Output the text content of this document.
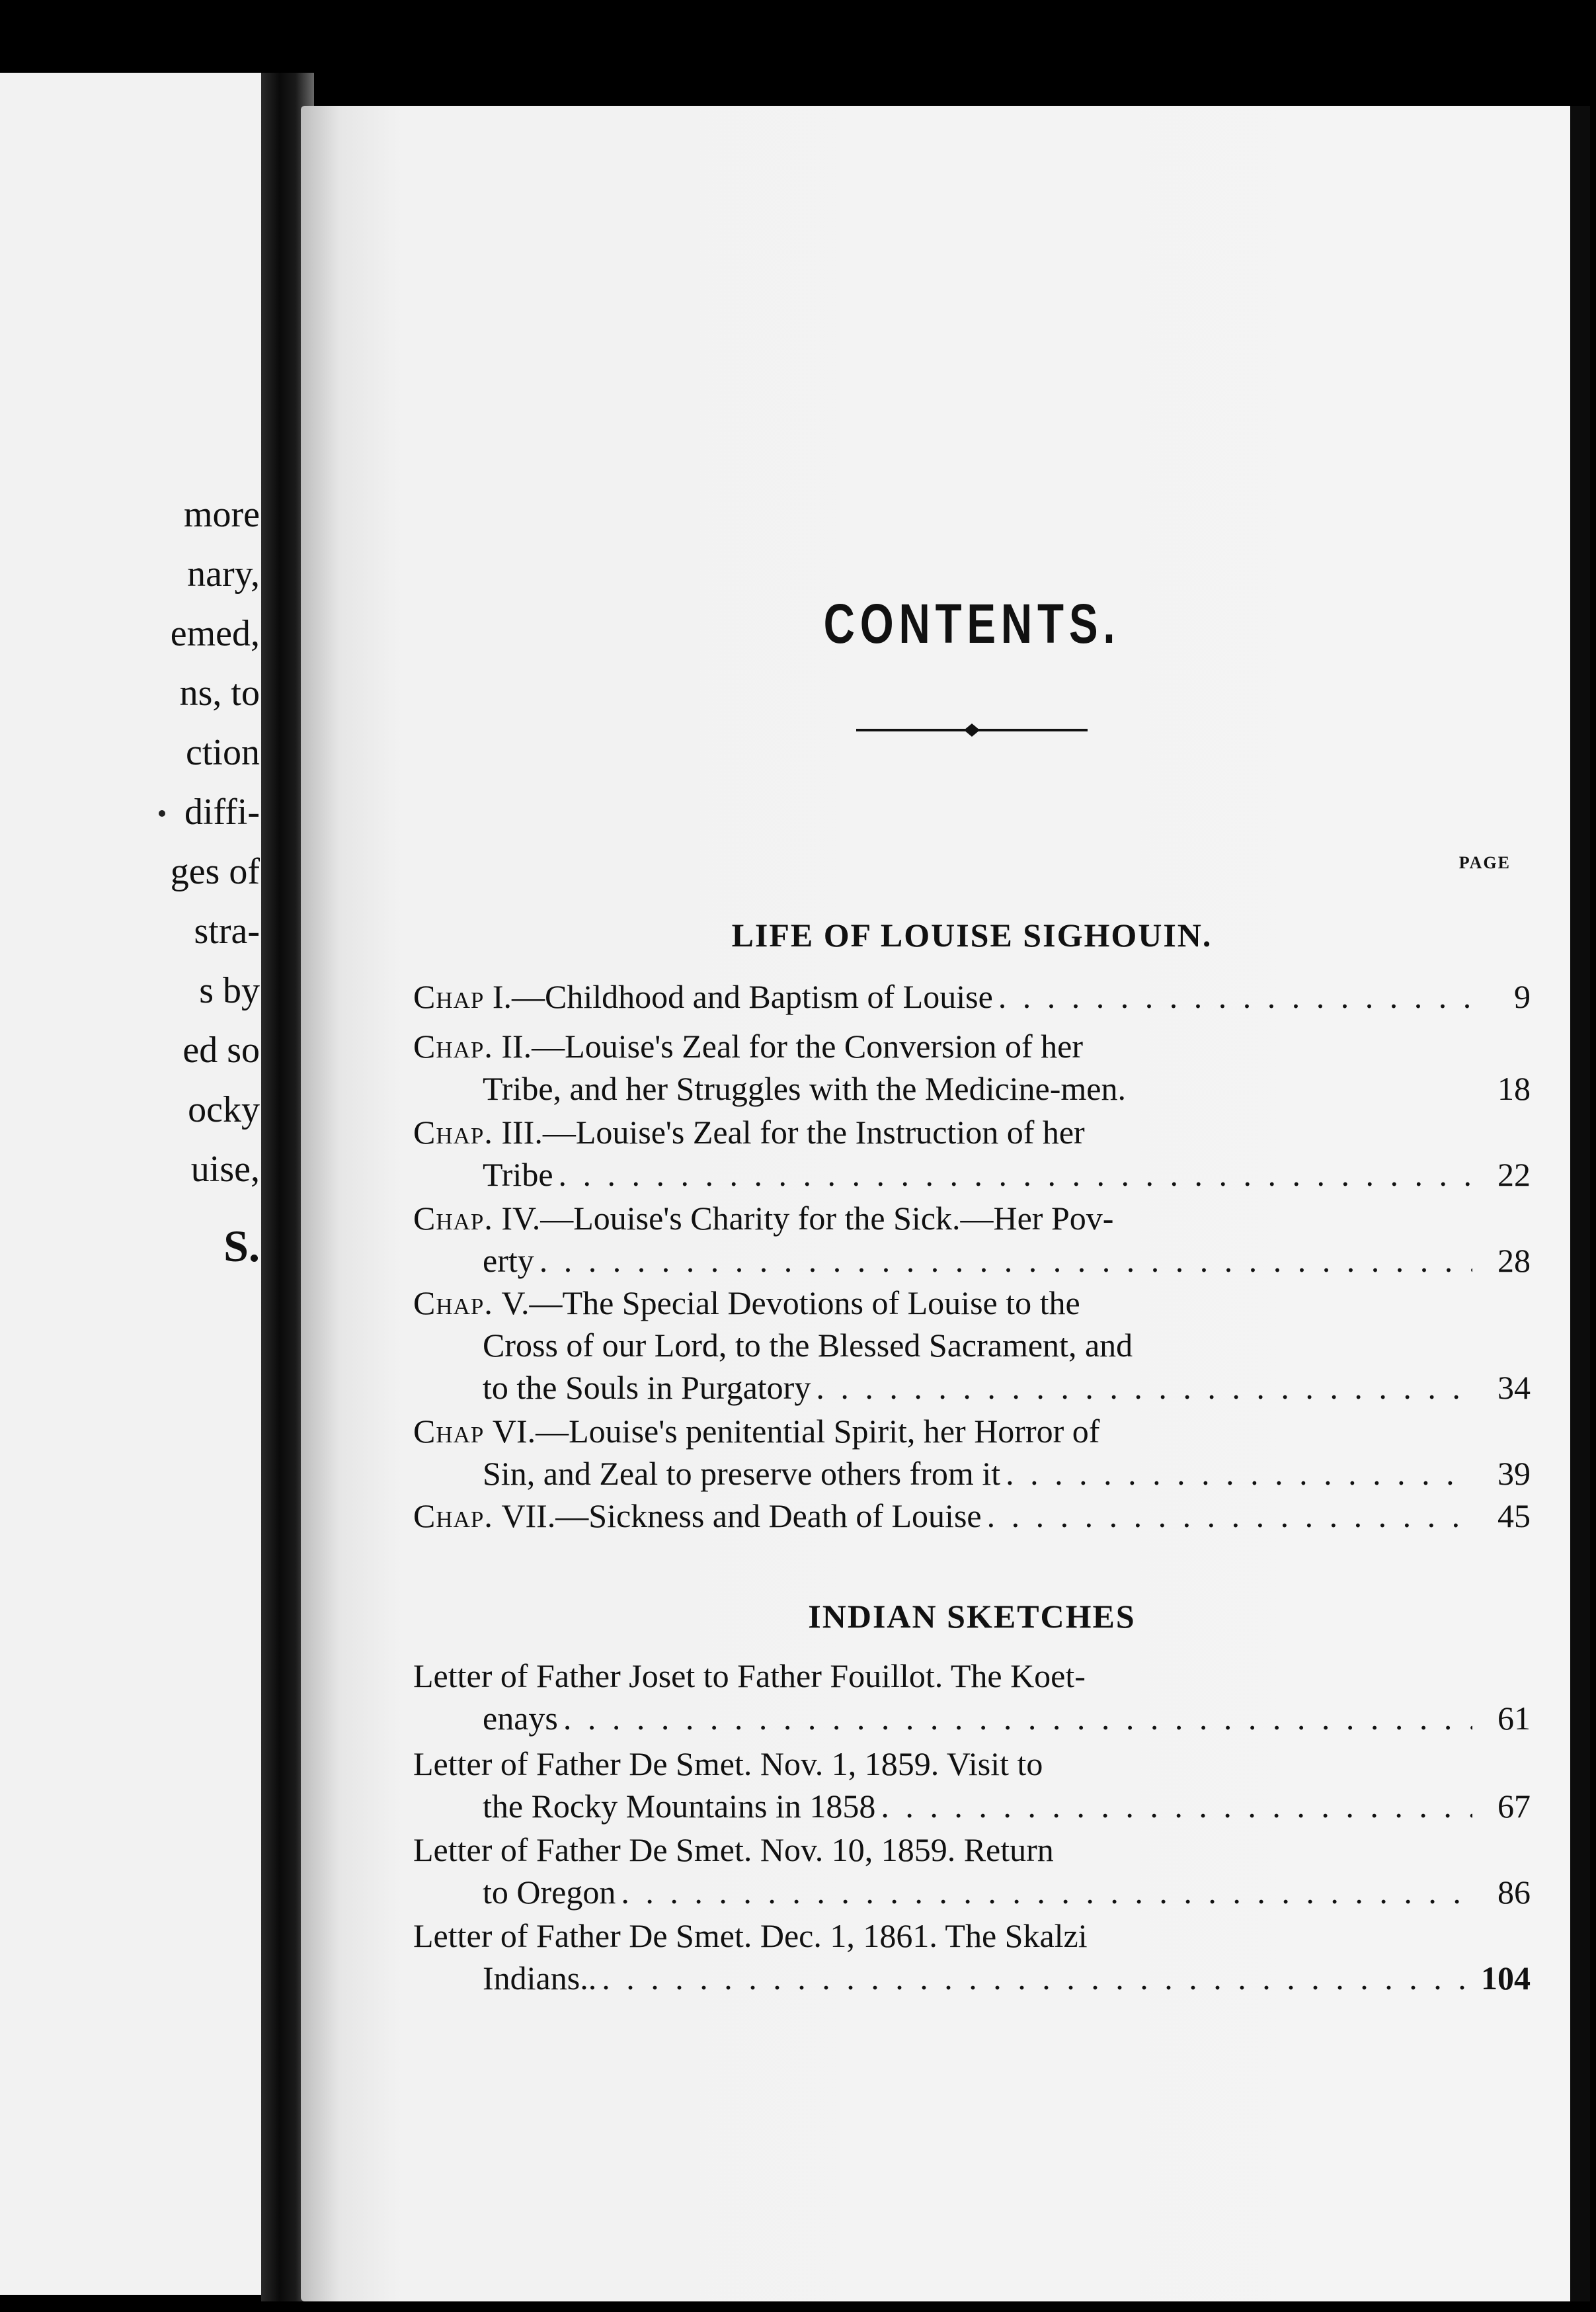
more

nary,

emed,

ns, to

ction

diffi-

ges of

stra-

s by

ed so

ocky

uise,

S.

CONTENTS.
LIFE OF LOUISE SIGHOUIN.
PAGE
Chap
I.—Childhood and Baptism of Louise . . .	9
Chap.
II.—Louise's Zeal for the Conversion of her
Tribe, and her Struggles with the Medicine-men.	18
Chap.
III.—Louise's Zeal for the Instruction of her
Tribe . . .	22
Chap.
IV.—Louise's Charity for the Sick.—Her Pov-
erty . . .	28
Chap.
V.—The Special Devotions of Louise to the
Cross of our Lord, to the Blessed Sacrament, and
to the Souls in Purgatory . . .	34
Chap
VI.—Louise's penitential Spirit, her Horror of
Sin, and Zeal to preserve others from it . . .	39
Chap.
VII.—Sickness and Death of Louise . . .	45
INDIAN SKETCHES
Letter of Father Joset to Father Fouillot. The Koet-
enays . . .	61
Letter of Father De Smet. Nov. 1, 1859. Visit to
the Rocky Mountains in 1858 . . .	67
Letter of Father De Smet. Nov. 10, 1859. Return
to Oregon . . .	86
Letter of Father De Smet. Dec. 1, 1861. The Skalzi
Indians.. . . .	104
